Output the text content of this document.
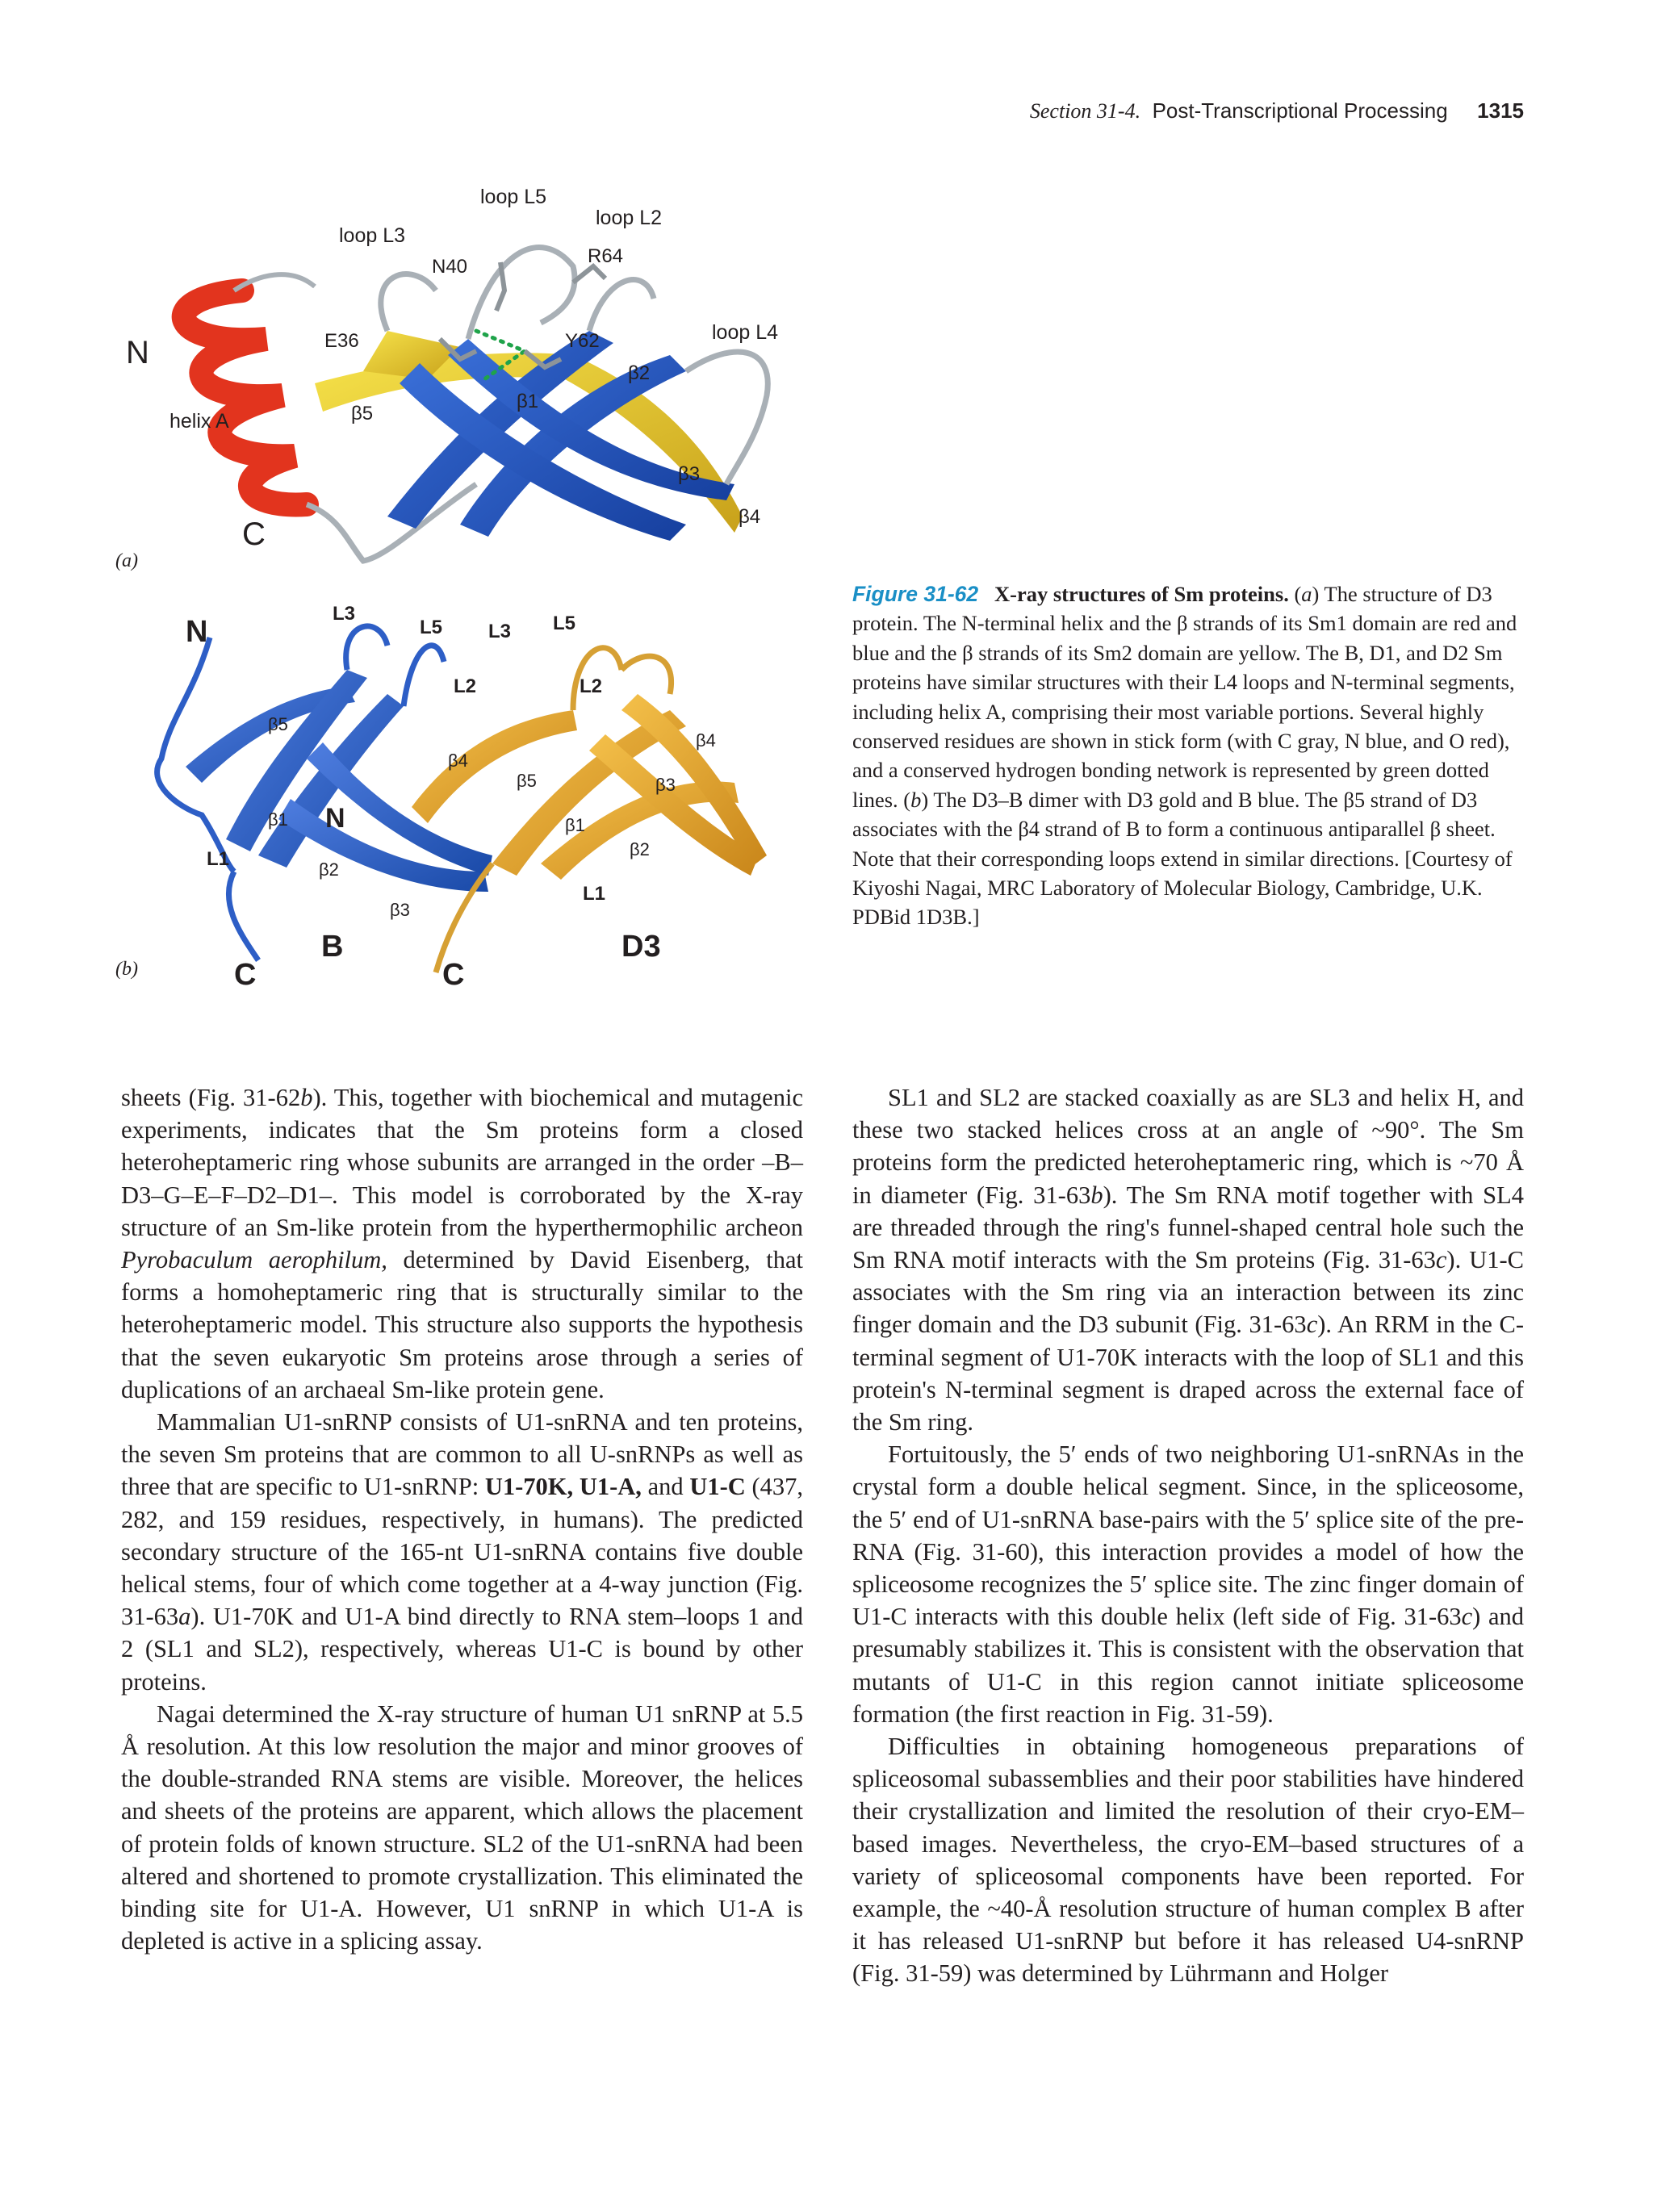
Section 31-4. Post-Transcriptional Processing 1315
N
C
helix A
loop L3
loop L5
loop L2
loop L4
N40	R64
E36	Y62
β1
β2
β3
β4
β5
(a)
N
N
C	C
B	D3
L3
L5
L2
L1
L3 L5
L2
L1
β5
β1
β2
β3
β4
β5
β1
β2
β3
β4
(b)
Figure 31-62 X-ray structures of Sm proteins. (a) The structure of D3 protein. The N-terminal helix and the β strands of its Sm1 domain are red and blue and the β strands of its Sm2 domain are yellow. The B, D1, and D2 Sm proteins have similar structures with their L4 loops and N-terminal segments, including helix A, comprising their most variable portions. Several highly conserved residues are shown in stick form (with C gray, N blue, and O red), and a conserved hydrogen bonding network is represented by green dotted lines. (b) The D3–B dimer with D3 gold and B blue. The β5 strand of D3 associates with the β4 strand of B to form a continuous antiparallel β sheet. Note that their corresponding loops extend in similar directions. [Courtesy of Kiyoshi Nagai, MRC Laboratory of Molecular Biology, Cambridge, U.K. PDBid 1D3B.]

sheets (Fig. 31-62b). This, together with biochemical and mutagenic experiments, indicates that the Sm proteins form a closed heteroheptameric ring whose subunits are arranged in the order –B–D3–G–E–F–D2–D1–. This model is corroborated by the X-ray structure of an Sm-like protein from the hyperthermophilic archeon Pyrobaculum aerophilum, determined by David Eisenberg, that forms a homoheptameric ring that is structurally similar to the heteroheptameric model. This structure also supports the hypothesis that the seven eukaryotic Sm proteins arose through a series of duplications of an archaeal Sm-like protein gene.

Mammalian U1-snRNP consists of U1-snRNA and ten proteins, the seven Sm proteins that are common to all U-snRNPs as well as three that are specific to U1-snRNP: U1-70K, U1-A, and U1-C (437, 282, and 159 residues, respectively, in humans). The predicted secondary structure of the 165-nt U1-snRNA contains five double helical stems, four of which come together at a 4-way junction (Fig. 31-63a). U1-70K and U1-A bind directly to RNA stem–loops 1 and 2 (SL1 and SL2), respectively, whereas U1-C is bound by other proteins.

Nagai determined the X-ray structure of human U1 snRNP at 5.5 Å resolution. At this low resolution the major and minor grooves of the double-stranded RNA stems are visible. Moreover, the helices and sheets of the proteins are apparent, which allows the placement of protein folds of known structure. SL2 of the U1-snRNA had been altered and shortened to promote crystallization. This eliminated the binding site for U1-A. However, U1 snRNP in which U1-A is depleted is active in a splicing assay.

SL1 and SL2 are stacked coaxially as are SL3 and helix H, and these two stacked helices cross at an angle of ~90°. The Sm proteins form the predicted heteroheptameric ring, which is ~70 Å in diameter (Fig. 31-63b). The Sm RNA motif together with SL4 are threaded through the ring's funnel-shaped central hole such the Sm RNA motif interacts with the Sm proteins (Fig. 31-63c). U1-C associates with the Sm ring via an interaction between its zinc finger domain and the D3 subunit (Fig. 31-63c). An RRM in the C-terminal segment of U1-70K interacts with the loop of SL1 and this protein's N-terminal segment is draped across the external face of the Sm ring.

Fortuitously, the 5′ ends of two neighboring U1-snRNAs in the crystal form a double helical segment. Since, in the spliceosome, the 5′ end of U1-snRNA base-pairs with the 5′ splice site of the pre-RNA (Fig. 31-60), this interaction provides a model of how the spliceosome recognizes the 5′ splice site. The zinc finger domain of U1-C interacts with this double helix (left side of Fig. 31-63c) and presumably stabilizes it. This is consistent with the observation that mutants of U1-C in this region cannot initiate spliceosome formation (the first reaction in Fig. 31-59).

Difficulties in obtaining homogeneous preparations of spliceosomal subassemblies and their poor stabilities have hindered their crystallization and limited the resolution of their cryo-EM–based images. Nevertheless, the cryo-EM–based structures of a variety of spliceosomal components have been reported. For example, the ~40-Å resolution structure of human complex B after it has released U1-snRNP but before it has released U4-snRNP (Fig. 31-59) was determined by Lührmann and Holger
